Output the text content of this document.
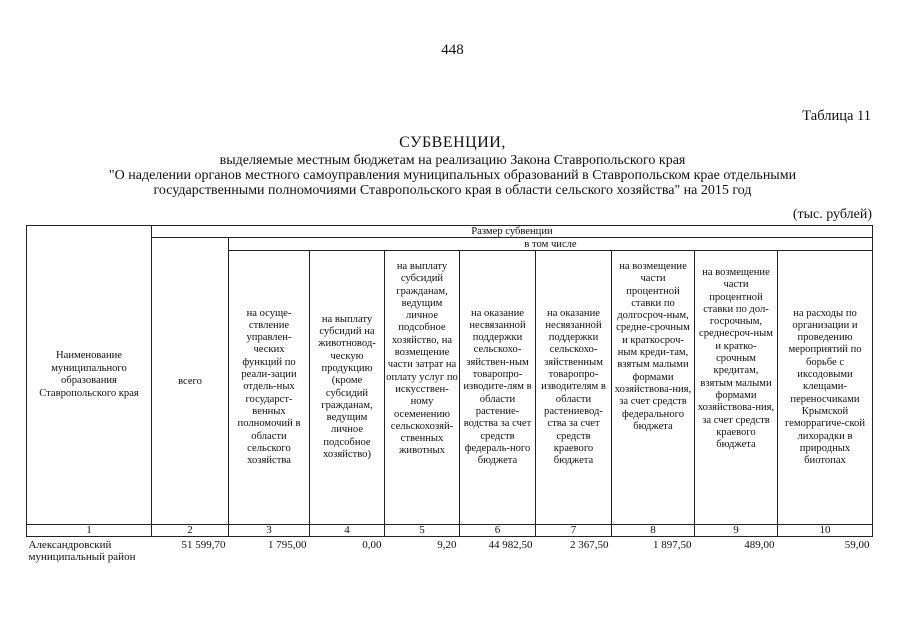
448
Таблица 11
СУБВЕНЦИИ,
выделяемые местным бюджетам на реализацию Закона Ставропольского края
"О наделении органов местного самоуправления муниципальных образований в Ставропольском крае отдельными
государственными полномочиями Ставропольского края в области сельского хозяйства" на 2015 год
(тыс. рублей)
Наименование муниципального образования Ставропольского края	Размер субвенции								
	всего	в том числе							
		на осуще-ствление управлен-ческих функций по реали-зации отдель-ных государст-венных полномочий в области сельского хозяйства	на выплату субсидий на животновод-ческую продукцию (кроме субсидий гражданам, ведущим личное подсобное хозяйство)	на выплату субсидий гражданам, ведущим личное подсобное хозяйство, на возмещение части затрат на оплату услуг по искусствен-ному осеменению сельскохозяй-ственных животных	на оказание несвязанной поддержки сельскохо-зяйствен-ным товаропро-изводите-лям в области растение-водства за счет средств федераль-ного бюджета	на оказание несвязанной поддержки сельскохо-зяйственным товаропро-изводителям в области растениевод-ства за счет средств краевого бюджета	на возмещение части процентной ставки по долгосроч-ным, средне-срочным и краткосроч-ным креди-там, взятым малыми формами хозяйствова-ния, за счет средств федерального бюджета	на возмещение части процентной ставки по дол-госрочным, среднесроч-ным и кратко-срочным кредитам, взятым малыми формами хозяйствова-ния, за счет средств краевого бюджета	на расходы по организации и проведению мероприятий по борьбе с иксодовыми клещами-переносчиками Крымской геморрагиче-ской лихорадки в природных биотопах
1	2	3	4	5	6	7	8	9	10
Александровский муниципальный район	51 599,70	1 795,00	0,00	9,20	44 982,50	2 367,50	1 897,50	489,00	59,00
